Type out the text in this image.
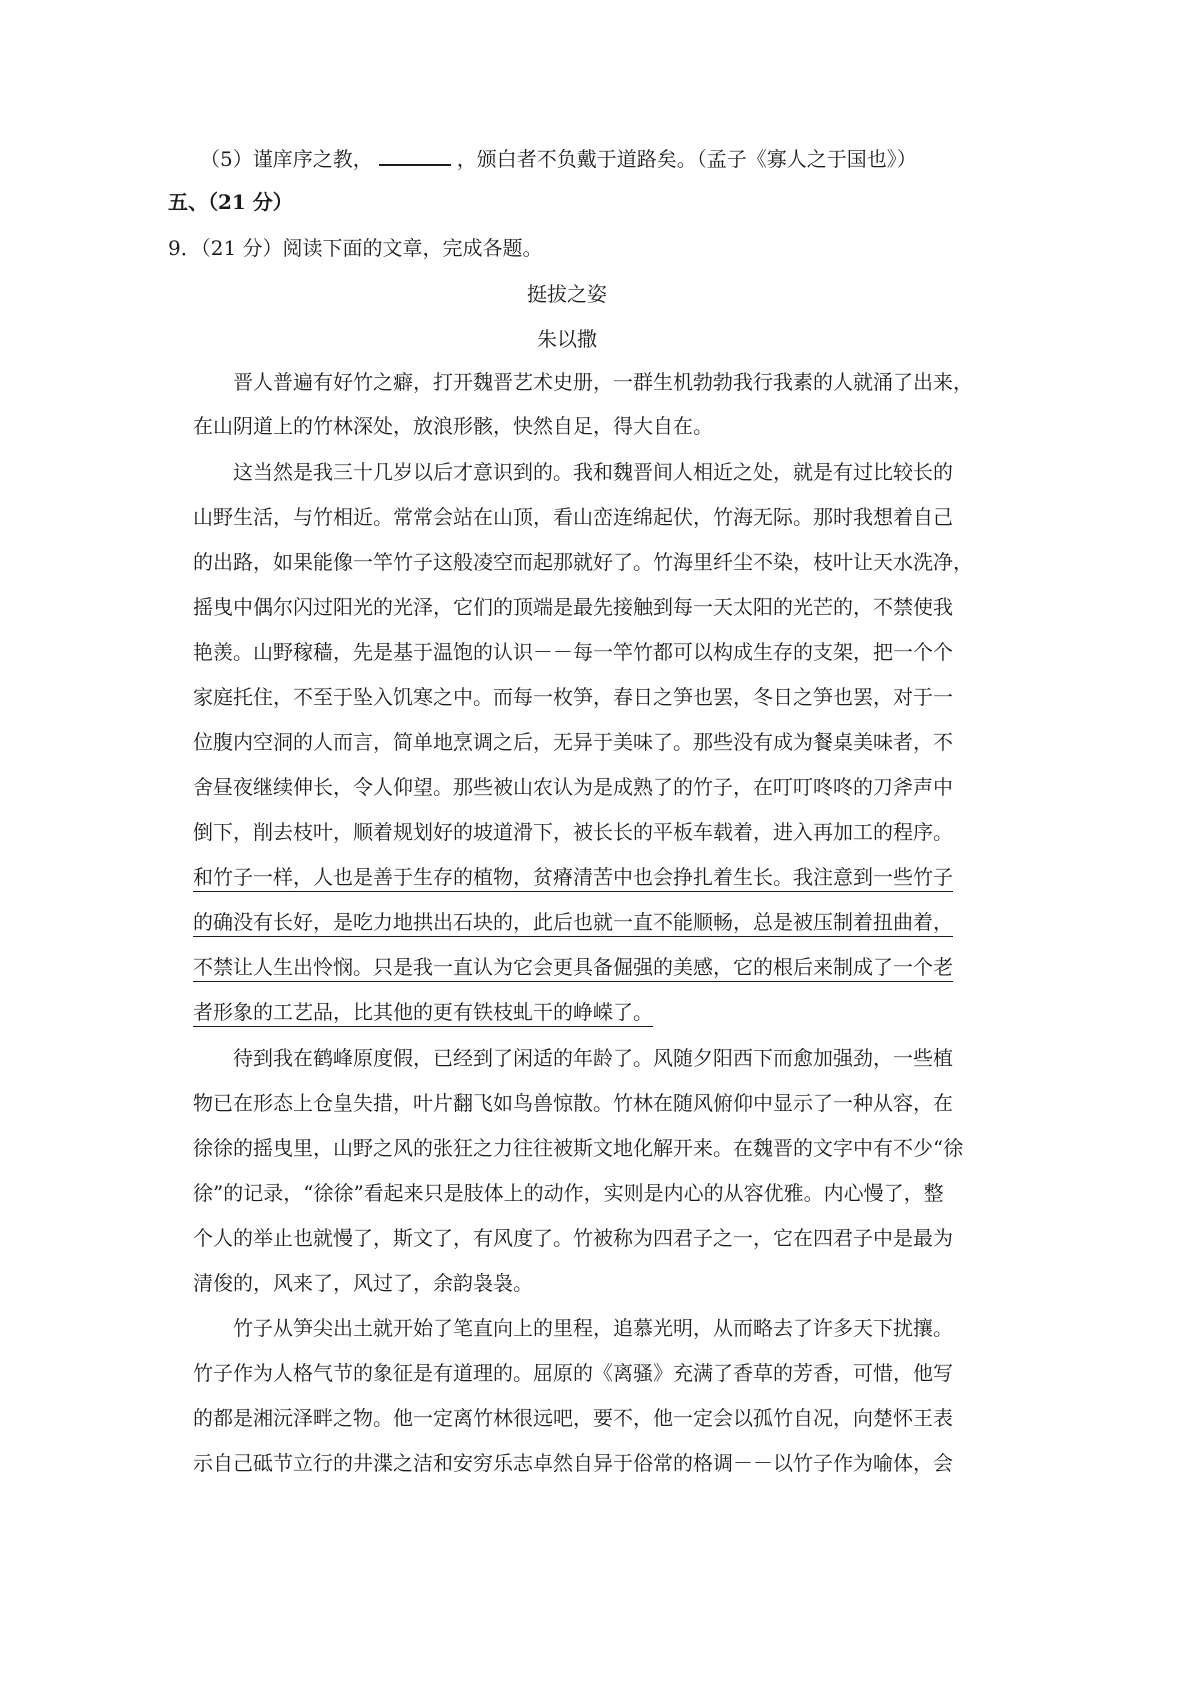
（5）谨庠序之教，	，颁白者不负戴于道路矣。（孟子《寡人之于国也》）
五、（21 分）
9．（21 分）阅读下面的文章，完成各题。
挺拔之姿
朱以撒
晋人普遍有好竹之癖，打开魏晋艺术史册，一群生机勃勃我行我素的人就涌了出来，
在山阴道上的竹林深处，放浪形骸，快然自足，得大自在。
这当然是我三十几岁以后才意识到的。我和魏晋间人相近之处，就是有过比较长的
山野生活，与竹相近。常常会站在山顶，看山峦连绵起伏，竹海无际。那时我想着自己
的出路，如果能像一竿竹子这般凌空而起那就好了。竹海里纤尘不染，枝叶让天水洗净，
摇曳中偶尔闪过阳光的光泽，它们的顶端是最先接触到每一天太阳的光芒的，不禁使我
艳羡。山野稼穑，先是基于温饱的认识－－每一竿竹都可以构成生存的支架，把一个个
家庭托住，不至于坠入饥寒之中。而每一枚笋，春日之笋也罢，冬日之笋也罢，对于一
位腹内空洞的人而言，简单地烹调之后，无异于美味了。那些没有成为餐桌美味者，不
舍昼夜继续伸长，令人仰望。那些被山农认为是成熟了的竹子，在叮叮咚咚的刀斧声中
倒下，削去枝叶，顺着规划好的坡道滑下，被长长的平板车载着，进入再加工的程序。
和竹子一样，人也是善于生存的植物，贫瘠清苦中也会挣扎着生长。我注意到一些竹子
的确没有长好，是吃力地拱出石块的，此后也就一直不能顺畅，总是被压制着扭曲着，
不禁让人生出怜悯。只是我一直认为它会更具备倔强的美感，它的根后来制成了一个老
者形象的工艺品，比其他的更有铁枝虬干的峥嵘了。
待到我在鹤峰原度假，已经到了闲适的年龄了。风随夕阳西下而愈加强劲，一些植
物已在形态上仓皇失措，叶片翻飞如鸟兽惊散。竹林在随风俯仰中显示了一种从容，在
徐徐的摇曳里，山野之风的张狂之力往往被斯文地化解开来。在魏晋的文字中有不少“徐
徐”的记录，“徐徐”看起来只是肢体上的动作，实则是内心的从容优雅。内心慢了，整
个人的举止也就慢了，斯文了，有风度了。竹被称为四君子之一，它在四君子中是最为
清俊的，风来了，风过了，余韵袅袅。
竹子从笋尖出土就开始了笔直向上的里程，追慕光明，从而略去了许多天下扰攘。
竹子作为人格气节的象征是有道理的。屈原的《离骚》充满了香草的芳香，可惜，他写
的都是湘沅泽畔之物。他一定离竹林很远吧，要不，他一定会以孤竹自况，向楚怀王表
示自己砥节立行的井渫之洁和安穷乐志卓然自异于俗常的格调－－以竹子作为喻体，会
